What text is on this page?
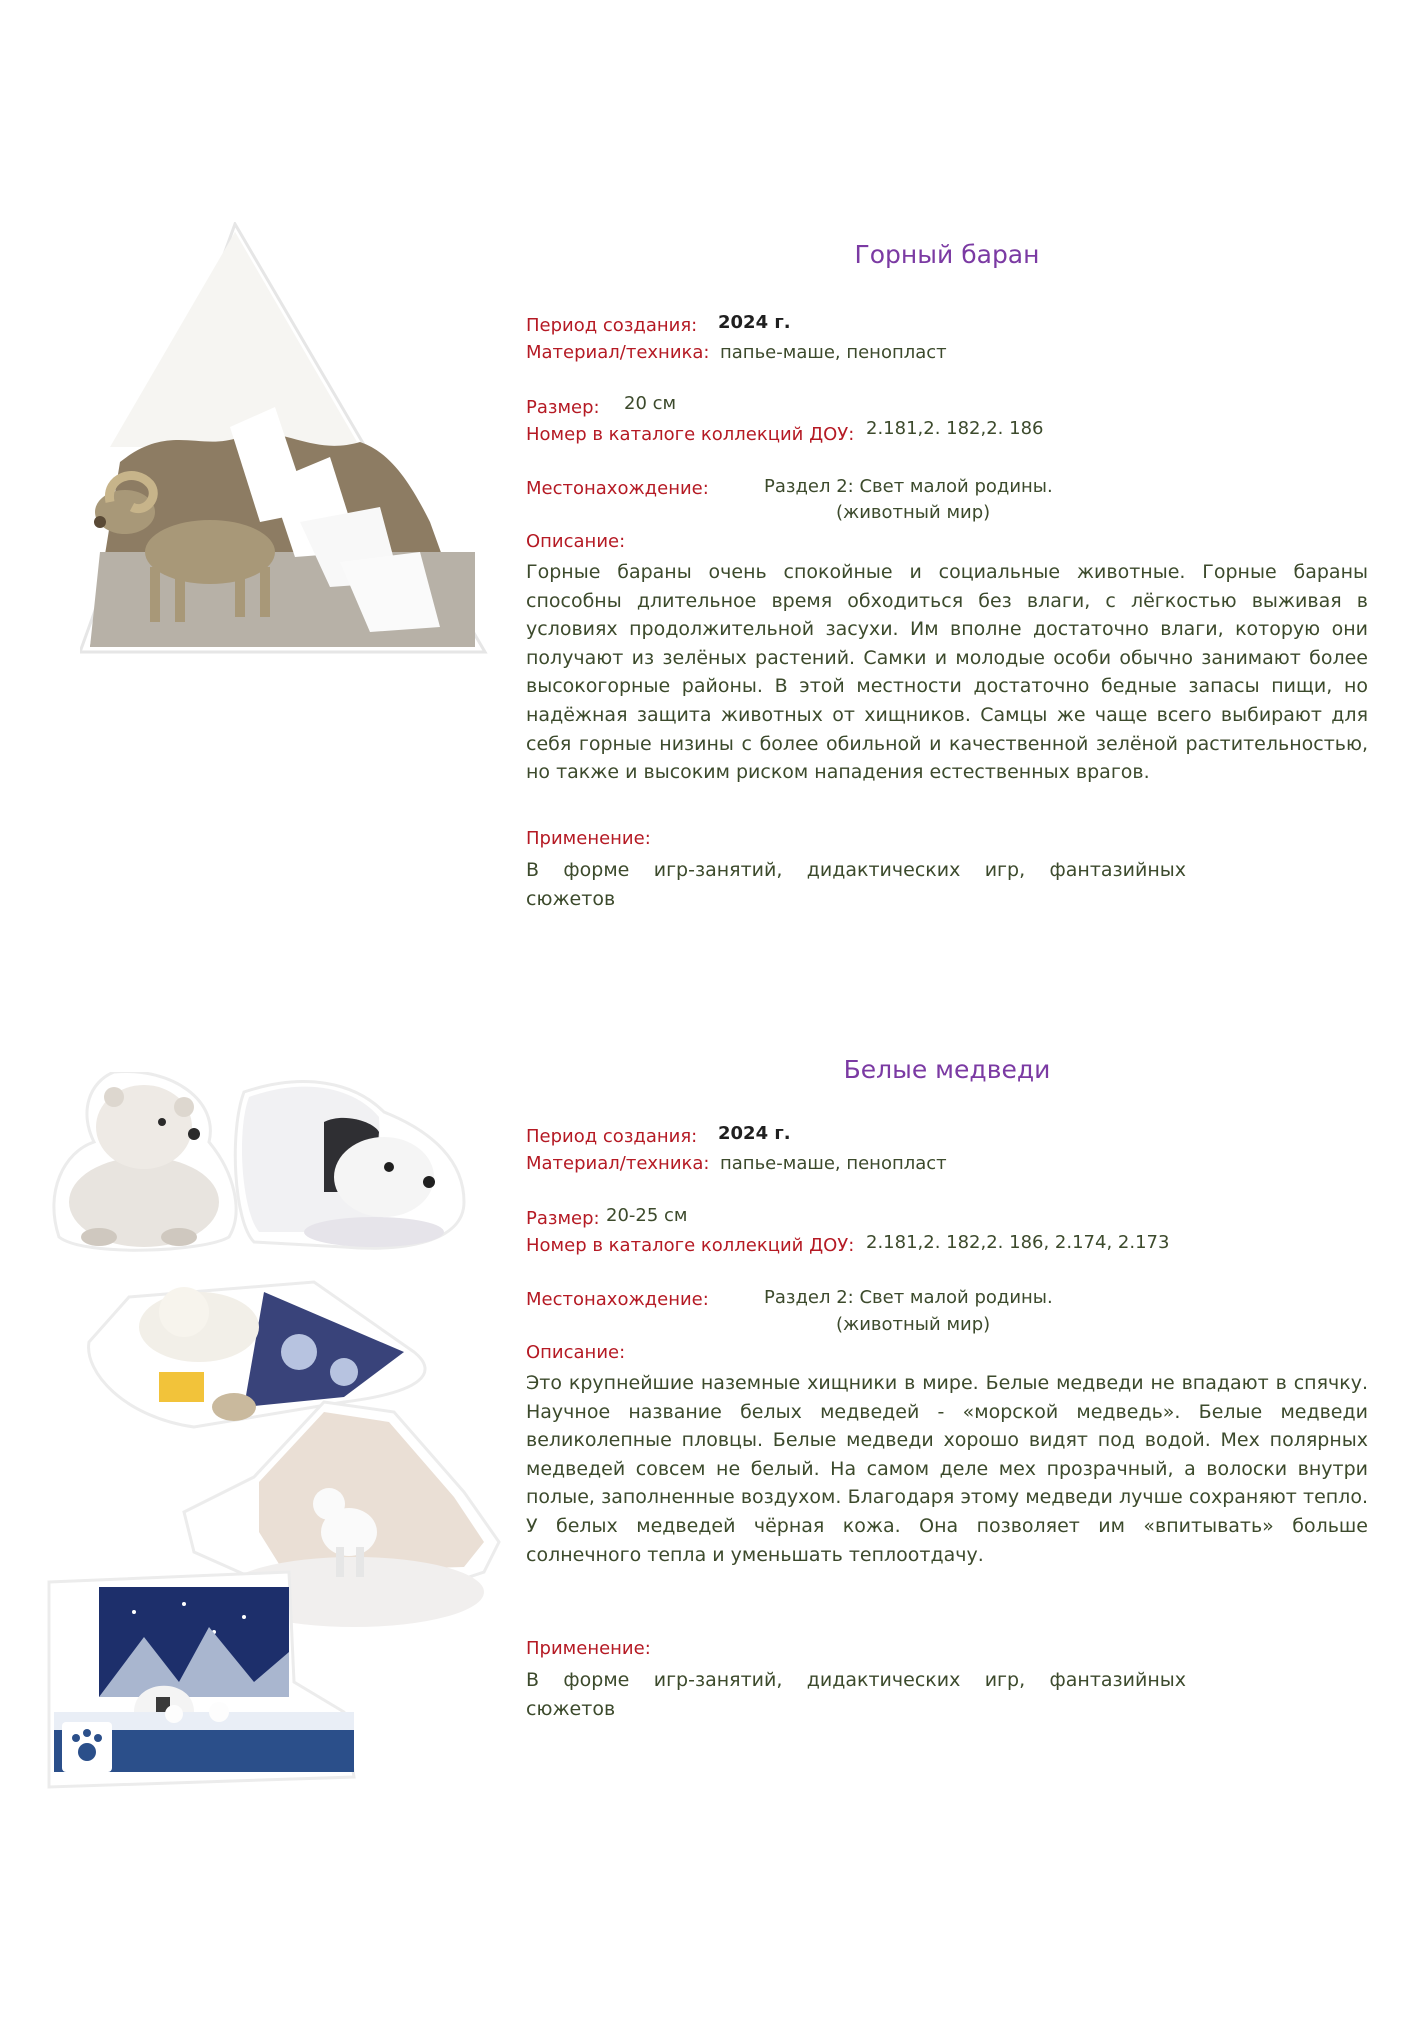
Горный баран
Период создания: 2024 г.
Материал/техника: папье-маше, пенопласт
Размер: 20 см
Номер в каталоге коллекций ДОУ: 2.181,2. 182,2. 186
Местонахождение:	Раздел 2: Свет малой родины.
(животный мир)
Описание:

Горные бараны очень спокойные и социальные животные. Горные бараны способны длительное время обходиться без влаги, с лёгкостью выживая в условиях продолжительной засухи. Им вполне достаточно влаги, которую они получают из зелёных растений. Самки и молодые особи обычно занимают более высокогорные районы. В этой местности достаточно бедные запасы пищи, но надёжная защита животных от хищников. Самцы же чаще всего выбирают для себя горные низины с более обильной и качественной зелёной растительностью, но также и высоким риском нападения естественных врагов.

Применение:

В форме игр-занятий, дидактических игр, фантазийных сюжетов

Белые медведи
Период создания: 2024 г.
Материал/техника: папье-маше, пенопласт
Размер: 20-25 см
Номер в каталоге коллекций ДОУ: 2.181,2. 182,2. 186, 2.174, 2.173
Местонахождение:	Раздел 2: Свет малой родины.
(животный мир)
Описание:

Это крупнейшие наземные хищники в мире. Белые медведи не впадают в спячку. Научное название белых медведей - «морской медведь». Белые медведи великолепные пловцы. Белые медведи хорошо видят под водой. Мех полярных медведей совсем не белый. На самом деле мех прозрачный, а волоски внутри полые, заполненные воздухом. Благодаря этому медведи лучше сохраняют тепло. У белых медведей чёрная кожа. Она позволяет им «впитывать» больше солнечного тепла и уменьшать теплоотдачу.

Применение:

В форме игр-занятий, дидактических игр, фантазийных сюжетов
